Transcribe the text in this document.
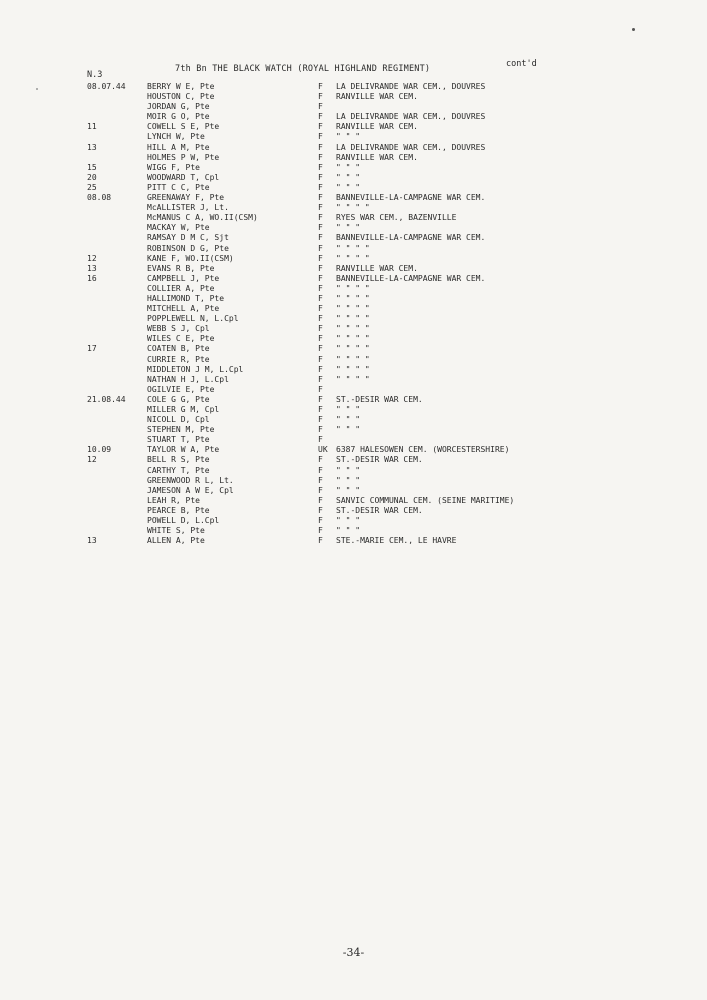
N.3
7th Bn THE BLACK WATCH (ROYAL HIGHLAND REGIMENT)	cont'd
08.07.44	BERRY W E, Pte	F LA DELIVRANDE WAR CEM., DOUVRES
HOUSTON C, Pte	F RANVILLE WAR CEM.
JORDAN G, Pte	F
MOIR G O, Pte	F LA DELIVRANDE WAR CEM., DOUVRES
11	COWELL S E, Pte	F RANVILLE WAR CEM.
LYNCH W, Pte	F " " "
13	HILL A M, Pte	F LA DELIVRANDE WAR CEM., DOUVRES
HOLMES P W, Pte	F RANVILLE WAR CEM.
15	WIGG F, Pte	F " " "
20	WOODWARD T, Cpl	F " " "
25	PITT C C, Pte	F " " "
08.08	GREENAWAY F, Pte	F BANNEVILLE-LA-CAMPAGNE WAR CEM.
McALLISTER J, Lt.	F " " " "
McMANUS C A, WO.II(CSM)	F RYES WAR CEM., BAZENVILLE
MACKAY W, Pte	F " " "
RAMSAY D M C, Sjt	F BANNEVILLE-LA-CAMPAGNE WAR CEM.
ROBINSON D G, Pte	F " " " "
12	KANE F, WO.II(CSM)	F " " " "
13	EVANS R B, Pte	F RANVILLE WAR CEM.
16	CAMPBELL J, Pte	F BANNEVILLE-LA-CAMPAGNE WAR CEM.
COLLIER A, Pte	F " " " "
HALLIMOND T, Pte	F " " " "
MITCHELL A, Pte	F " " " "
POPPLEWELL N, L.Cpl	F " " " "
WEBB S J, Cpl	F " " " "
WILES C E, Pte	F " " " "
17	COATEN B, Pte	F " " " "
CURRIE R, Pte	F " " " "
MIDDLETON J M, L.Cpl	F " " " "
NATHAN H J, L.Cpl	F " " " "
OGILVIE E, Pte	F
21.08.44	COLE G G, Pte	F ST.-DESIR WAR CEM.
MILLER G M, Cpl	F " " "
NICOLL D, Cpl	F " " "
STEPHEN M, Pte	F " " "
STUART T, Pte	F
10.09	TAYLOR W A, Pte	UK 6387 HALESOWEN CEM. (WORCESTERSHIRE)
12	BELL R S, Pte	F ST.-DESIR WAR CEM.
CARTHY T, Pte	F " " "
GREENWOOD R L, Lt.	F " " "
JAMESON A W E, Cpl	F " " "
LEAH R, Pte	F SANVIC COMMUNAL CEM. (SEINE MARITIME)
PEARCE B, Pte	F ST.-DESIR WAR CEM.
POWELL D, L.Cpl	F " " "
WHITE S, Pte	F " " "
13	ALLEN A, Pte	F STE.-MARIE CEM., LE HAVRE
-34-
